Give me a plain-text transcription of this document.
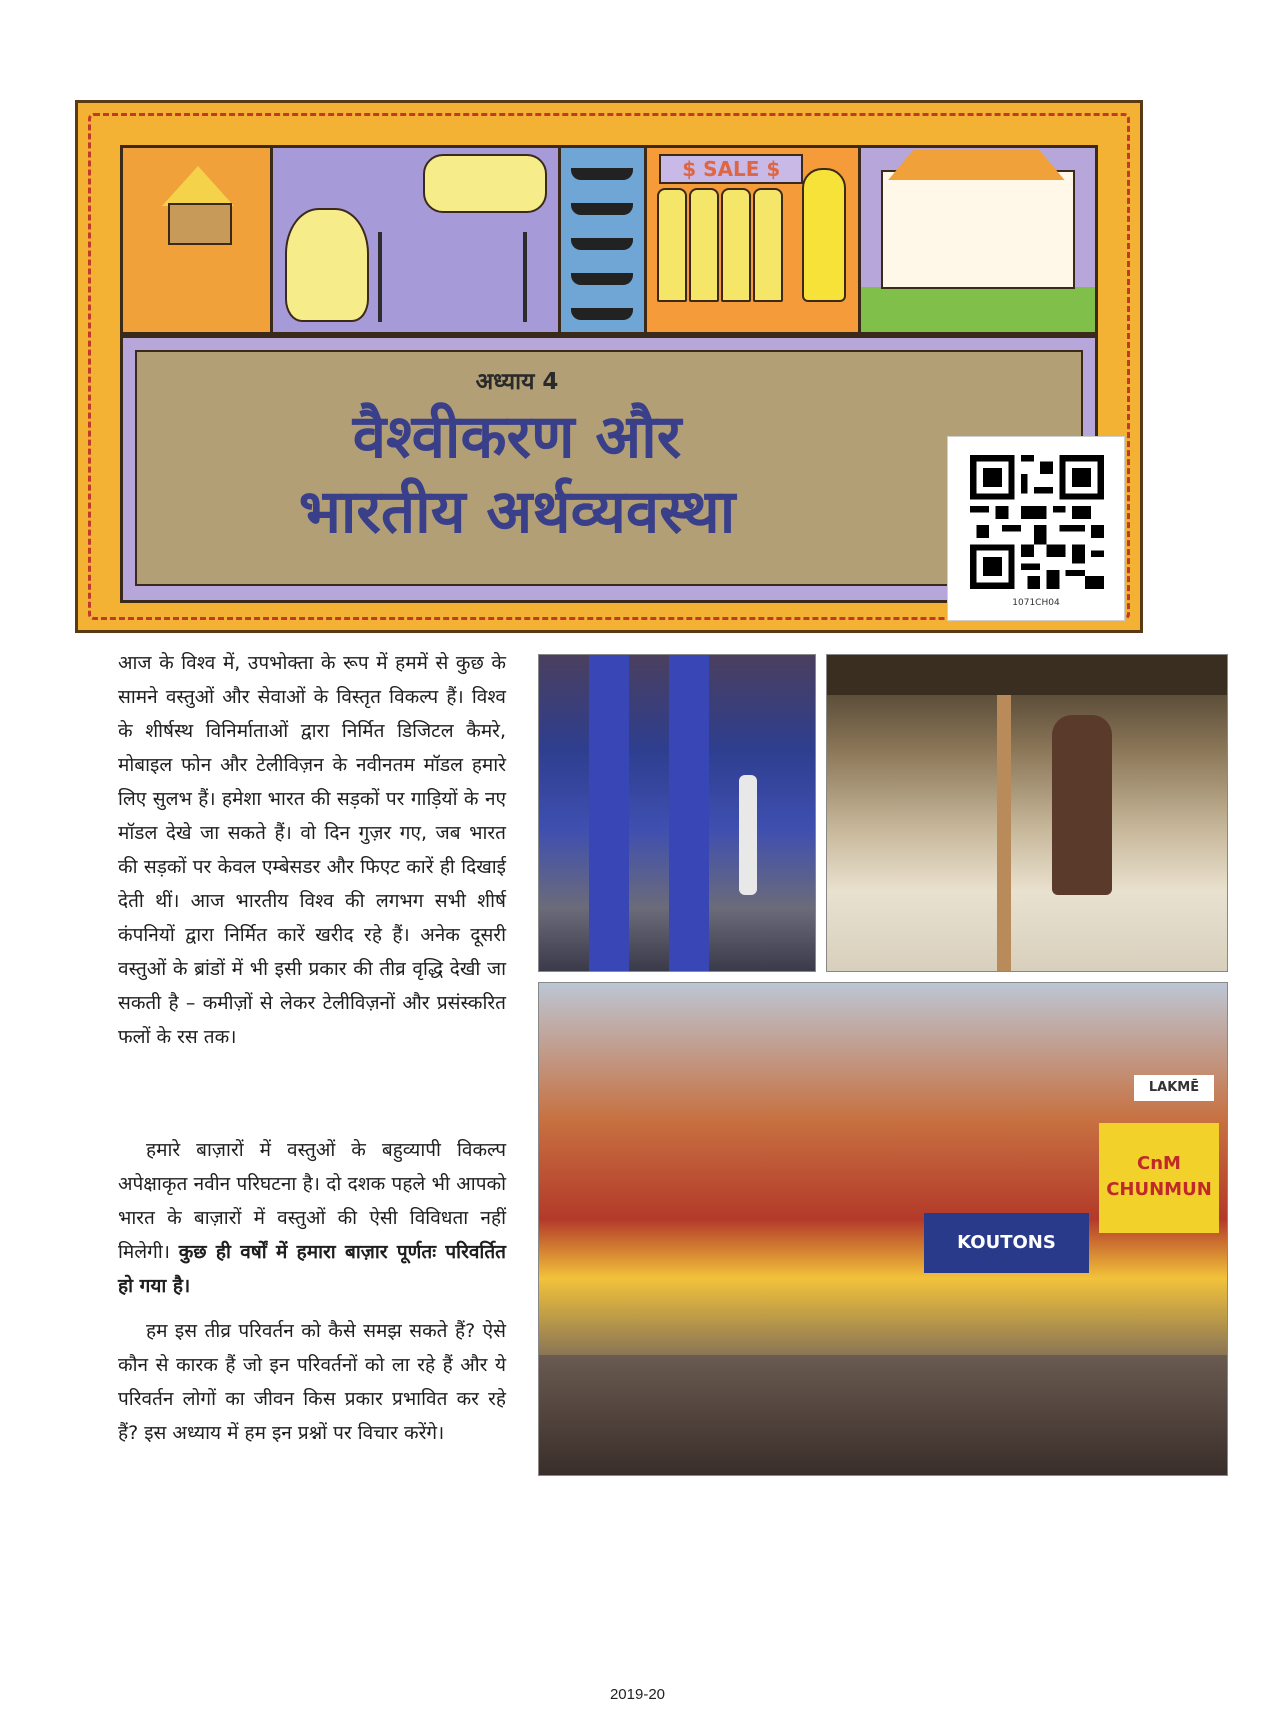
$ SALE $
अध्याय 4
वैश्वीकरण और
भारतीय अर्थव्यवस्था
1071CH04
आज के विश्व में, उपभोक्ता के रूप में हममें से कुछ के सामने वस्तुओं और सेवाओं के विस्तृत विकल्प हैं। विश्व के शीर्षस्थ विनिर्माताओं द्वारा निर्मित डिजिटल कैमरे, मोबाइल फोन और टेलीविज़न के नवीनतम मॉडल हमारे लिए सुलभ हैं। हमेशा भारत की सड़कों पर गाड़ियों के नए मॉडल देखे जा सकते हैं। वो दिन गुज़र गए, जब भारत की सड़कों पर केवल एम्बेसडर और फिएट कारें ही दिखाई देती थीं। आज भारतीय विश्व की लगभग सभी शीर्ष कंपनियों द्वारा निर्मित कारें खरीद रहे हैं। अनेक दूसरी वस्तुओं के ब्रांडों में भी इसी प्रकार की तीव्र वृद्धि देखी जा सकती है – कमीज़ों से लेकर टेलीविज़नों और प्रसंस्करित फलों के रस तक।
हमारे बाज़ारों में वस्तुओं के बहुव्यापी विकल्प अपेक्षाकृत नवीन परिघटना है। दो दशक पहले भी आपको भारत के बाज़ारों में वस्तुओं की ऐसी विविधता नहीं मिलेगी। कुछ ही वर्षों में हमारा बाज़ार पूर्णतः परिवर्तित हो गया है।
हम इस तीव्र परिवर्तन को कैसे समझ सकते हैं? ऐसे कौन से कारक हैं जो इन परिवर्तनों को ला रहे हैं और ये परिवर्तन लोगों का जीवन किस प्रकार प्रभावित कर रहे हैं? इस अध्याय में हम इन प्रश्नों पर विचार करेंगे।
KOUTONS
CnM CHUNMUN
LAKMĒ
2019-20
